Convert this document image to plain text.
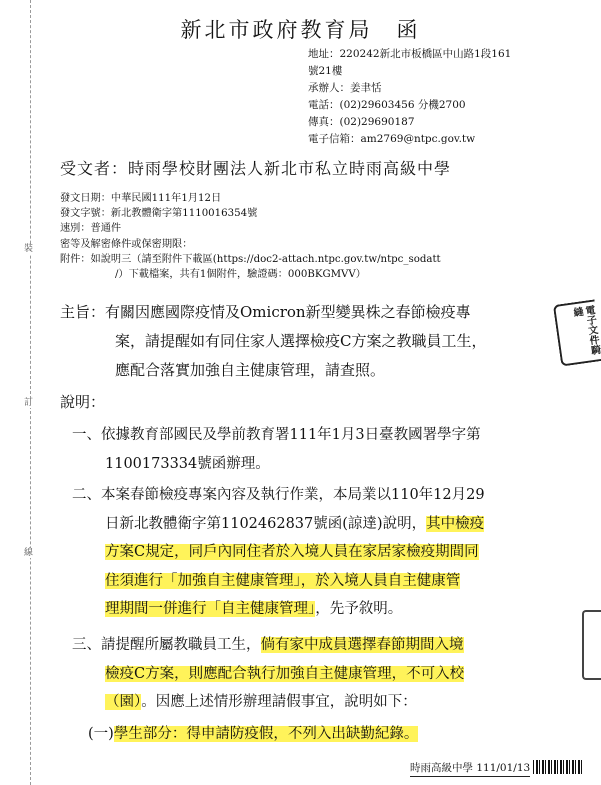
裝
訂
線
新北市政府教育局　函
地址：220242新北市板橋區中山路1段161
號21樓
承辦人：姜聿恬
電話：(02)29603456 分機2700
傳真：(02)29690187
電子信箱：am2769@ntpc.gov.tw
受文者：時雨學校財團法人新北市私立時雨高級中學
發文日期：中華民國111年1月12日
發文字號：新北教體衛字第1110016354號
速別：普通件
密等及解密條件或保密期限：
附件：如說明三（請至附件下載區(https://doc2-attach.ntpc.gov.tw/ntpc_sodatt
/）下載檔案，共有1個附件，驗證碼：000BKGMVV）
主旨：有關因應國際疫情及Omicron新型變異株之春節檢疫專
案，請提醒如有同住家人選擇檢疫C方案之教職員工生，
應配合落實加強自主健康管理，請查照。
電子文件騎縫
說明：
一、依據教育部國民及學前教育署111年1月3日臺教國署學字第
1100173334號函辦理。
二、本案春節檢疫專案內容及執行作業，本局業以110年12月29
日新北教體衛字第1102462837號函(諒達)說明，其中檢疫
方案C規定，同戶內同住者於入境人員在家居家檢疫期間同
住須進行「加強自主健康管理」，於入境人員自主健康管
理期間一併進行「自主健康管理」，先予敘明。
三、請提醒所屬教職員工生，倘有家中成員選擇春節期間入境
檢疫C方案，則應配合執行加強自主健康管理，不可入校
（園）。因應上述情形辦理請假事宜，說明如下：
(一)學生部分：得申請防疫假，不列入出缺勤紀錄。
時雨高級中學 111/01/13
